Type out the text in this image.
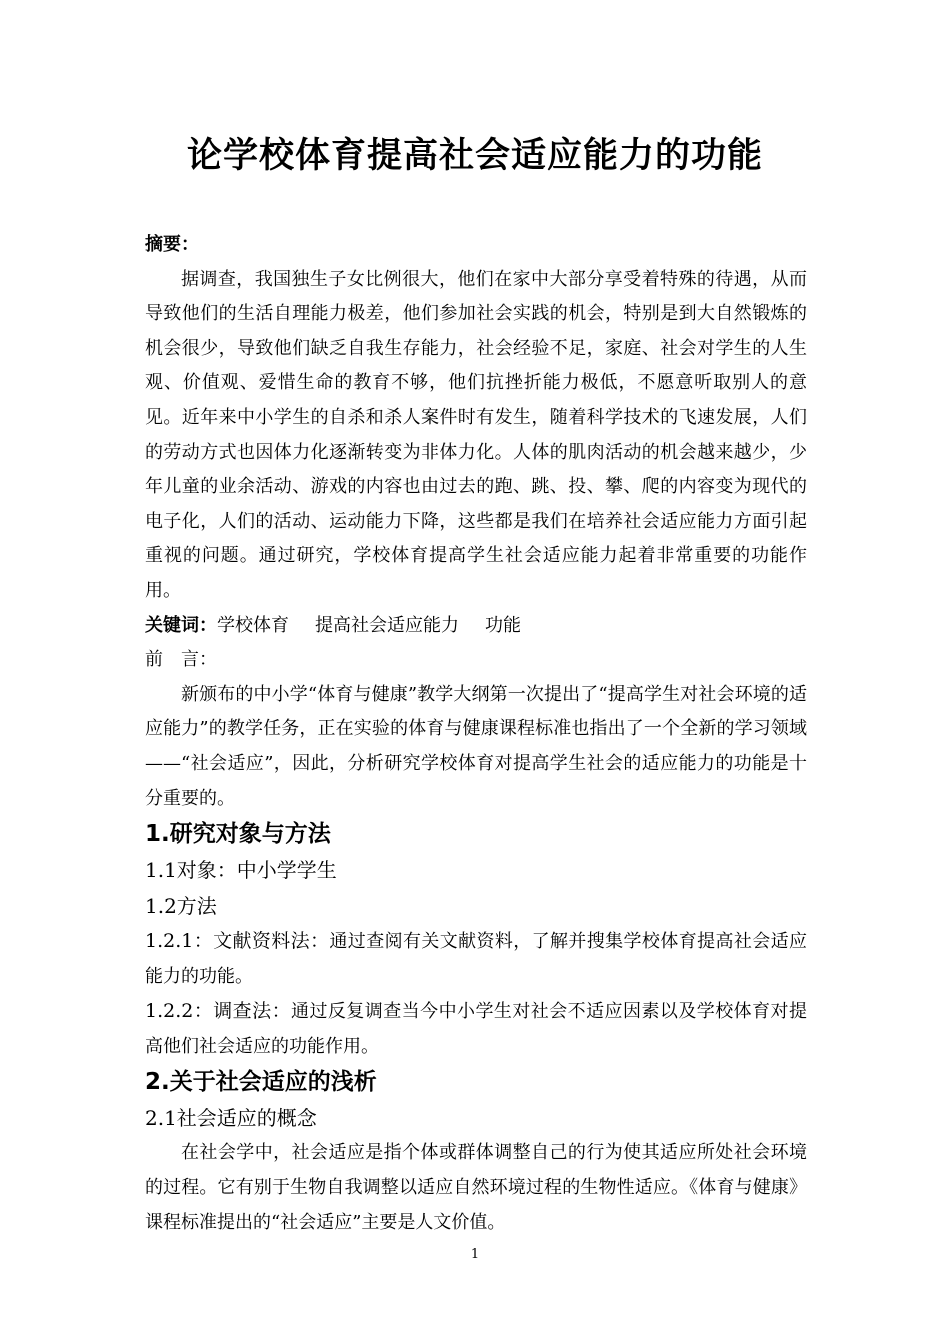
论学校体育提高社会适应能力的功能

摘要：

据调查，我国独生子女比例很大，他们在家中大部分享受着特殊的待遇，从而导致他们的生活自理能力极差，他们参加社会实践的机会，特别是到大自然锻炼的机会很少，导致他们缺乏自我生存能力，社会经验不足，家庭、社会对学生的人生观、价值观、爱惜生命的教育不够，他们抗挫折能力极低，不愿意听取别人的意见。近年来中小学生的自杀和杀人案件时有发生，随着科学技术的飞速发展，人们的劳动方式也因体力化逐渐转变为非体力化。人体的肌肉活动的机会越来越少，少年儿童的业余活动、游戏的内容也由过去的跑、跳、投、攀、爬的内容变为现代的电子化，人们的活动、运动能力下降，这些都是我们在培养社会适应能力方面引起重视的问题。通过研究，学校体育提高学生社会适应能力起着非常重要的功能作用。

关键词：学校体育 提高社会适应能力 功能

前　言：

新颁布的中小学“体育与健康”教学大纲第一次提出了“提高学生对社会环境的适应能力”的教学任务，正在实验的体育与健康课程标准也指出了一个全新的学习领域——“社会适应”，因此，分析研究学校体育对提高学生社会的适应能力的功能是十分重要的。

1.研究对象与方法

1.1对象：中小学学生

1.2方法

1.2.1：文献资料法：通过查阅有关文献资料，了解并搜集学校体育提高社会适应能力的功能。

1.2.2：调查法：通过反复调查当今中小学生对社会不适应因素以及学校体育对提高他们社会适应的功能作用。

2.关于社会适应的浅析

2.1社会适应的概念

在社会学中，社会适应是指个体或群体调整自己的行为使其适应所处社会环境的过程。它有别于生物自我调整以适应自然环境过程的生物性适应。《体育与健康》课程标准提出的“社会适应”主要是人文价值。

1
